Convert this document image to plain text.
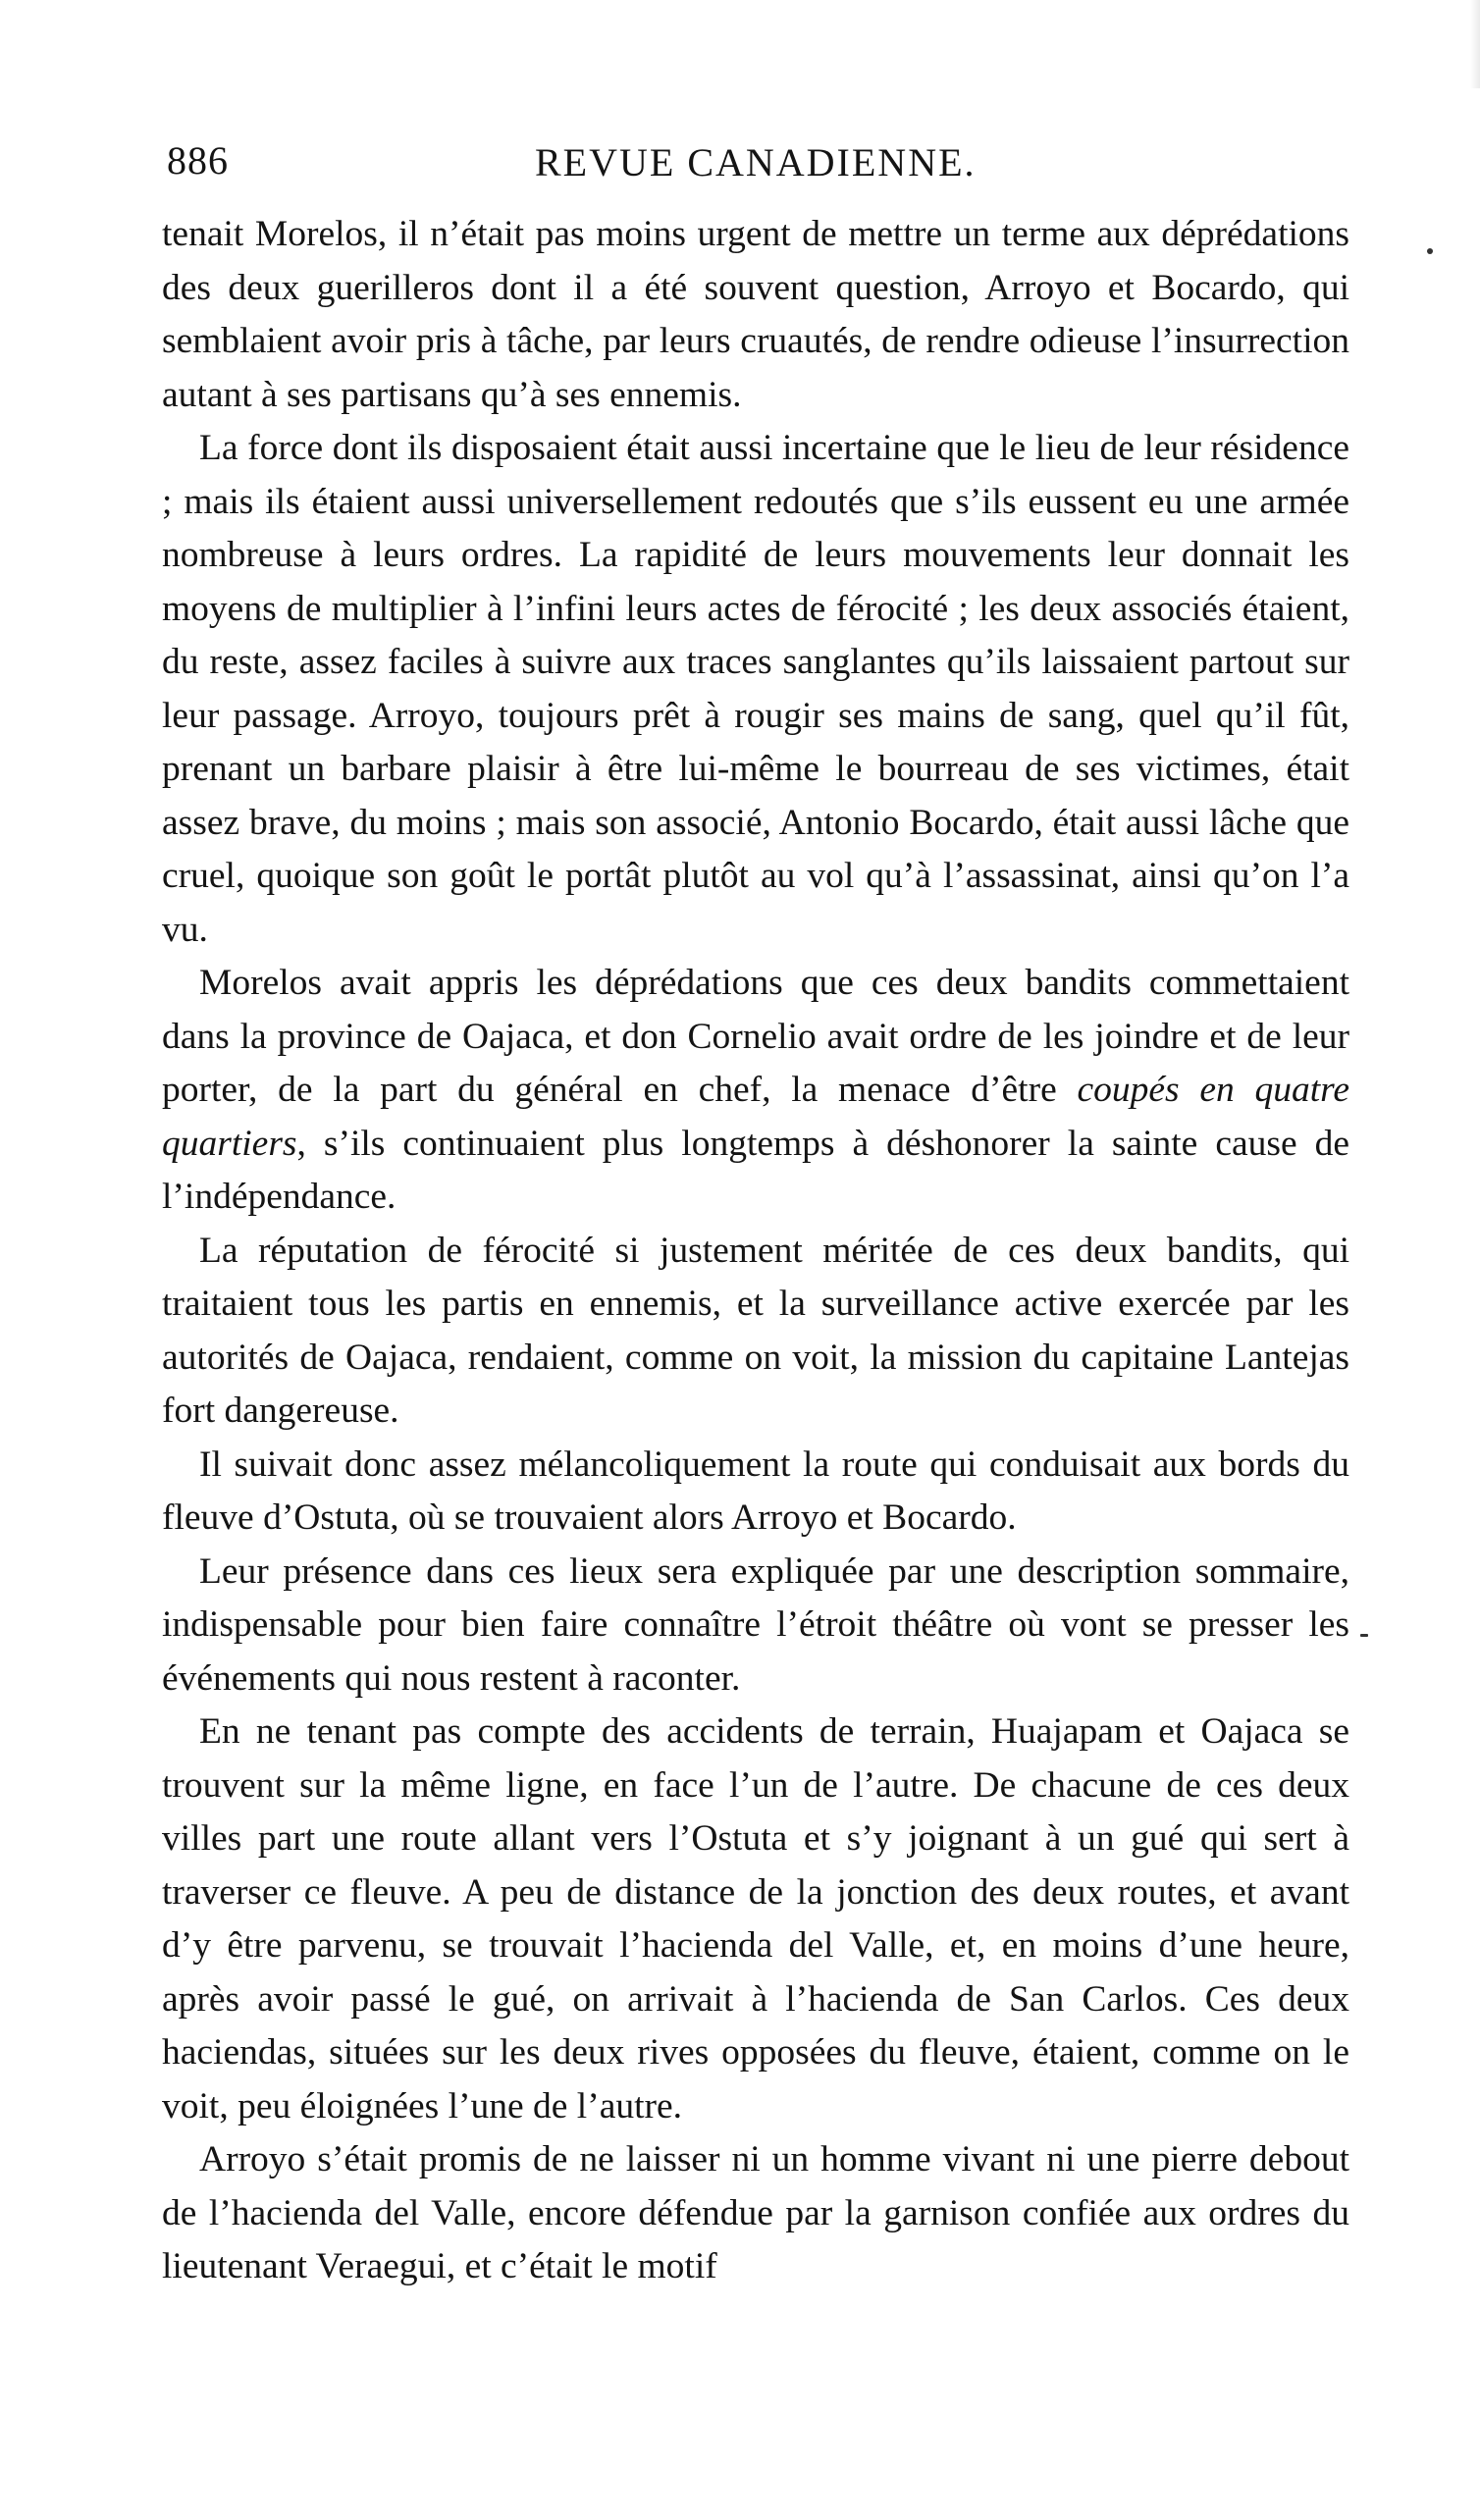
886	REVUE CANADIENNE.

tenait Morelos, il n’était pas moins urgent de mettre un terme aux déprédations des deux guerilleros dont il a été souvent question, Arroyo et Bocardo, qui semblaient avoir pris à tâche, par leurs cruautés, de rendre odieuse l’insurrection autant à ses partisans qu’à ses ennemis.

La force dont ils disposaient était aussi incertaine que le lieu de leur résidence ; mais ils étaient aussi universellement redoutés que s’ils eussent eu une armée nombreuse à leurs ordres. La rapidité de leurs mouvements leur donnait les moyens de multiplier à l’infini leurs actes de férocité ; les deux associés étaient, du reste, assez faciles à suivre aux traces sanglantes qu’ils laissaient partout sur leur passage. Arroyo, toujours prêt à rougir ses mains de sang, quel qu’il fût, prenant un barbare plaisir à être lui-même le bourreau de ses victimes, était assez brave, du moins ; mais son associé, Antonio Bocardo, était aussi lâche que cruel, quoique son goût le portât plutôt au vol qu’à l’assassinat, ainsi qu’on l’a vu.

Morelos avait appris les déprédations que ces deux bandits commettaient dans la province de Oajaca, et don Cornelio avait ordre de les joindre et de leur porter, de la part du général en chef, la menace d’être coupés en quatre quartiers, s’ils continuaient plus longtemps à déshonorer la sainte cause de l’indépendance.

La réputation de férocité si justement méritée de ces deux bandits, qui traitaient tous les partis en ennemis, et la surveillance active exercée par les autorités de Oajaca, rendaient, comme on voit, la mission du capitaine Lantejas fort dangereuse.

Il suivait donc assez mélancoliquement la route qui conduisait aux bords du fleuve d’Ostuta, où se trouvaient alors Arroyo et Bocardo.

Leur présence dans ces lieux sera expliquée par une description sommaire, indispensable pour bien faire connaître l’étroit théâtre où vont se presser les événements qui nous restent à raconter.

En ne tenant pas compte des accidents de terrain, Huajapam et Oajaca se trouvent sur la même ligne, en face l’un de l’autre. De chacune de ces deux villes part une route allant vers l’Ostuta et s’y joignant à un gué qui sert à traverser ce fleuve. A peu de distance de la jonction des deux routes, et avant d’y être parvenu, se trouvait l’hacienda del Valle, et, en moins d’une heure, après avoir passé le gué, on arrivait à l’hacienda de San Carlos. Ces deux haciendas, situées sur les deux rives opposées du fleuve, étaient, comme on le voit, peu éloignées l’une de l’autre.

Arroyo s’était promis de ne laisser ni un homme vivant ni une pierre debout de l’hacienda del Valle, encore défendue par la garnison confiée aux ordres du lieutenant Veraegui, et c’était le motif
